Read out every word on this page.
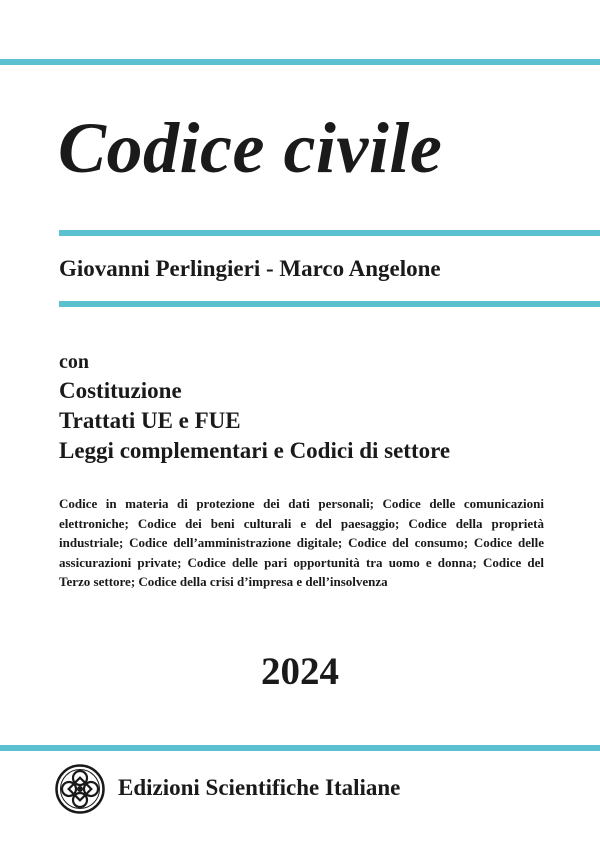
Codice civile
Giovanni Perlingieri - Marco Angelone
con
Costituzione
Trattati UE e FUE
Leggi complementari e Codici di settore

Codice in materia di protezione dei dati personali; Codice delle comunicazioni elettroniche; Codice dei beni culturali e del paesaggio; Codice della proprietà industriale; Codice dell’amministrazione digitale; Codice del consumo; Codice delle assicurazioni private; Codice delle pari opportunità tra uomo e donna; Codice del Terzo settore; Codice della crisi d’impresa e dell’insolvenza

2024
Edizioni Scientifiche Italiane
